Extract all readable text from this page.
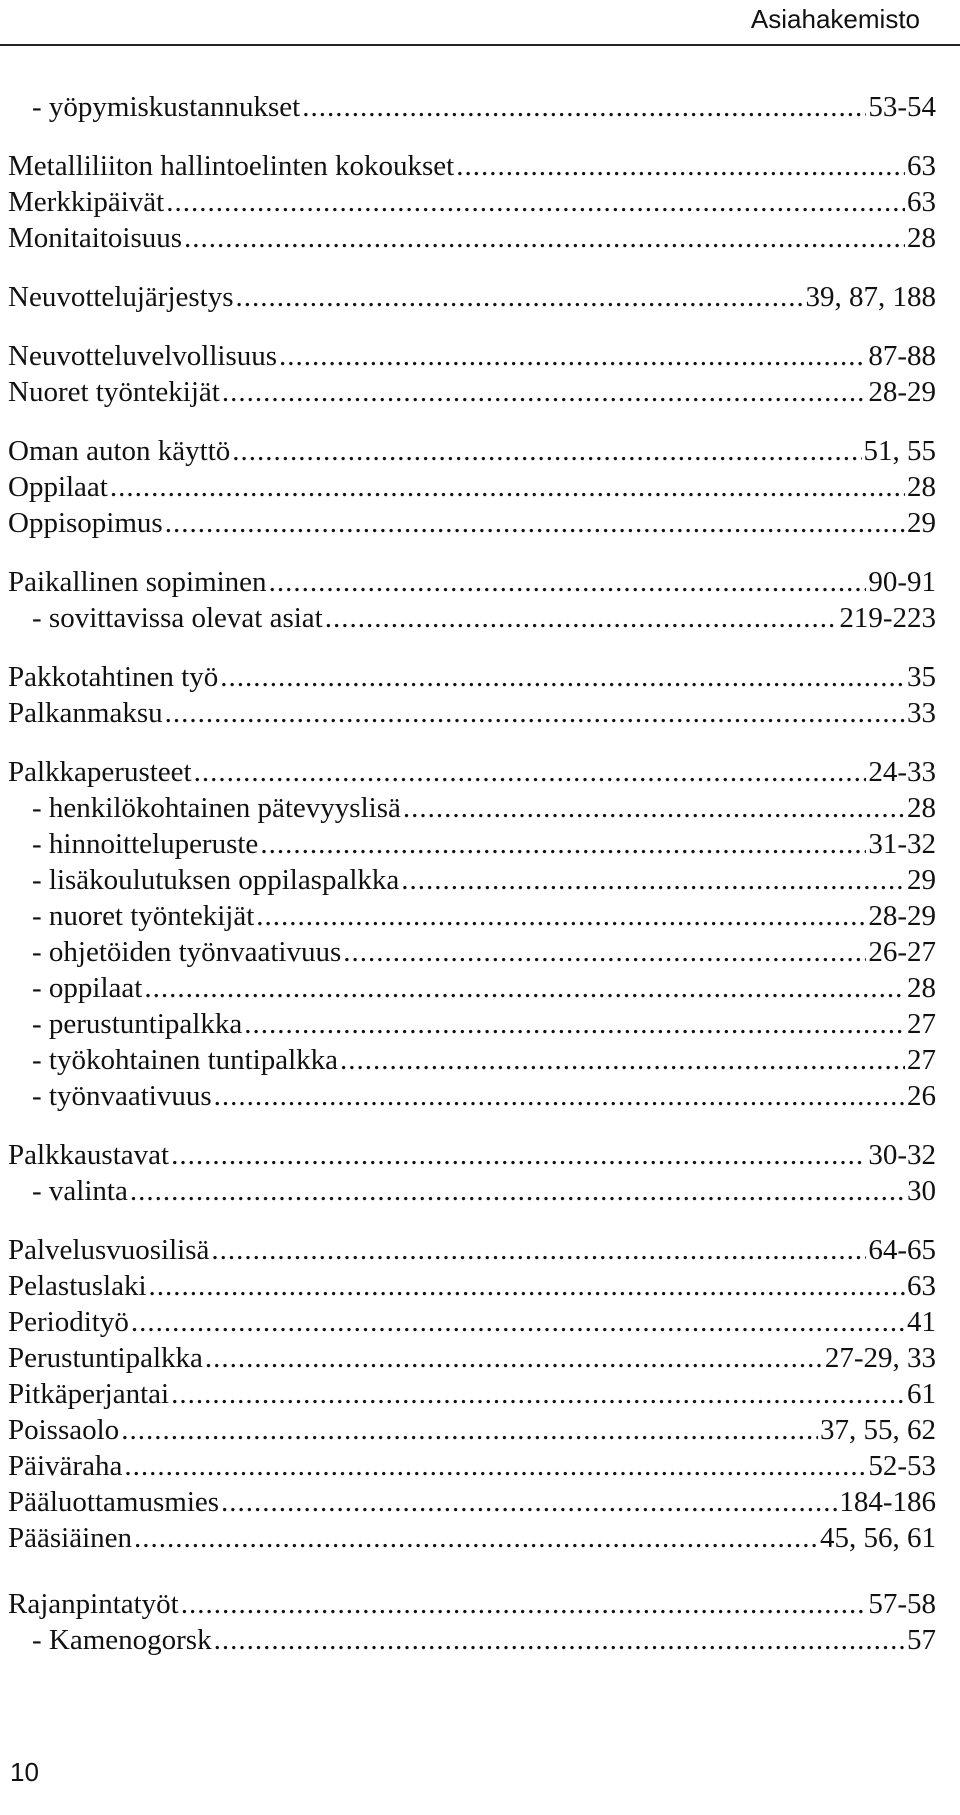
Asiahakemisto
- yöpymiskustannukset .....	53-54
Metalliliiton hallintoelinten kokoukset .....	63
Merkkipäivät .....	63
Monitaitoisuus .....	28
Neuvottelujärjestys .....	39, 87, 188
Neuvotteluvelvollisuus .....	87-88
Nuoret työntekijät .....	28-29
Oman auton käyttö .....	51, 55
Oppilaat .....	28
Oppisopimus .....	29
Paikallinen sopiminen .....	90-91
- sovittavissa olevat asiat .....	219-223
Pakkotahtinen työ .....	35
Palkanmaksu .....	33
Palkkaperusteet .....	24-33
- henkilökohtainen pätevyyslisä .....	28
- hinnoitteluperuste .....	31-32
- lisäkoulutuksen oppilaspalkka .....	29
- nuoret työntekijät .....	28-29
- ohjetöiden työnvaativuus .....	26-27
- oppilaat .....	28
- perustuntipalkka .....	27
- työkohtainen tuntipalkka .....	27
- työnvaativuus .....	26
Palkkaustavat .....	30-32
- valinta .....	30
Palvelusvuosilisä .....	64-65
Pelastuslaki .....	63
Periodityö .....	41
Perustuntipalkka .....	27-29, 33
Pitkäperjantai .....	61
Poissaolo .....	37, 55, 62
Päiväraha .....	52-53
Pääluottamusmies .....	184-186
Pääsiäinen .....	45, 56, 61
Rajanpintatyöt .....	57-58
- Kamenogorsk .....	57
10
